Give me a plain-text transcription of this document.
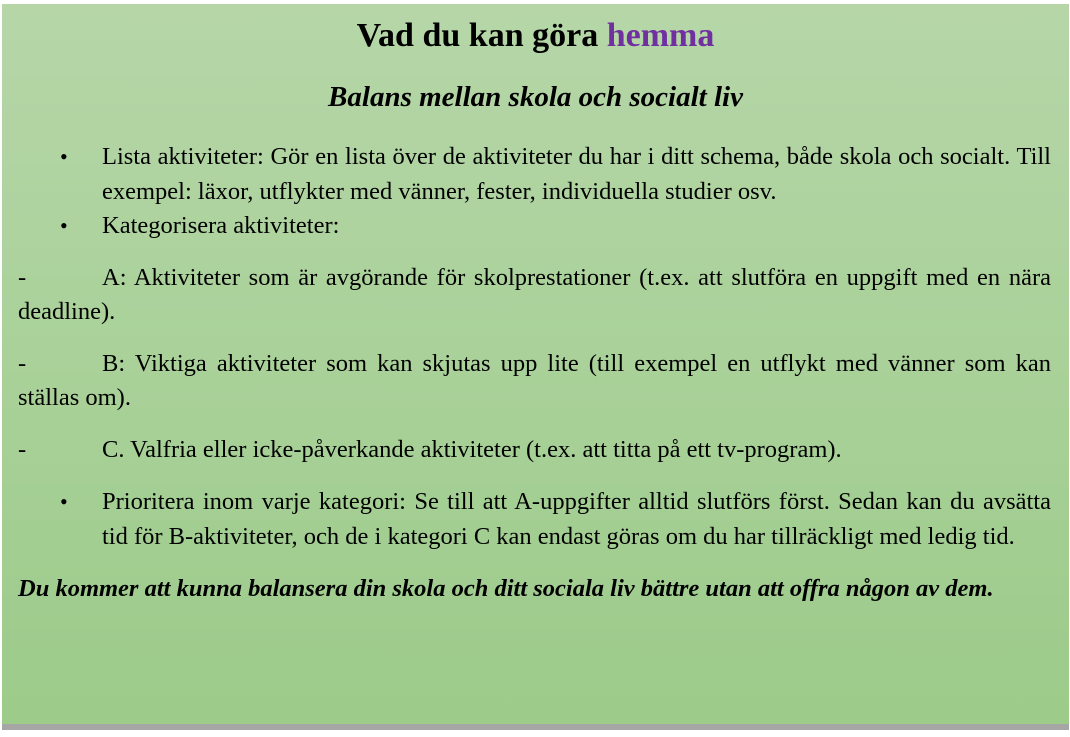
Vad du kan göra hemma
Balans mellan skola och socialt liv
• Lista aktiviteter: Gör en lista över de aktiviteter du har i ditt schema, både skola och socialt. Till exempel: läxor, utflykter med vänner, fester, individuella studier osv.
• Kategorisera aktiviteter:
-	A: Aktiviteter som är avgörande för skolprestationer (t.ex. att slutföra en uppgift med en nära deadline).
-	B: Viktiga aktiviteter som kan skjutas upp lite (till exempel en utflykt med vänner som kan ställas om).
-	C. Valfria eller icke-påverkande aktiviteter (t.ex. att titta på ett tv-program).
• Prioritera inom varje kategori: Se till att A-uppgifter alltid slutförs först. Sedan kan du avsätta tid för B-aktiviteter, och de i kategori C kan endast göras om du har tillräckligt med ledig tid.
Du kommer att kunna balansera din skola och ditt sociala liv bättre utan att offra någon av dem.
